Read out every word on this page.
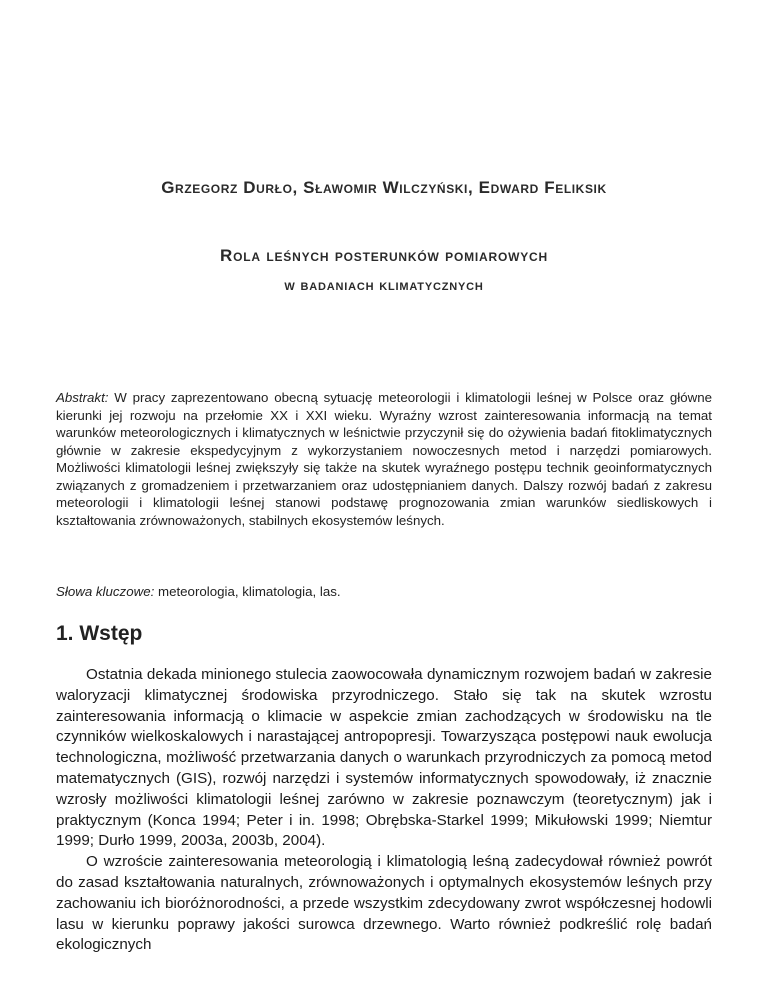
Grzegorz Durło, Sławomir Wilczyński, Edward Feliksik
Rola leśnych posterunków pomiarowych
w badaniach klimatycznych
Abstrakt: W pracy zaprezentowano obecną sytuację meteorologii i klimatologii leśnej w Polsce oraz główne kierunki jej rozwoju na przełomie XX i XXI wieku. Wyraźny wzrost zainteresowania informacją na temat warunków meteorologicznych i klimatycznych w leśnictwie przyczynił się do ożywienia badań fitoklimatycznych głównie w zakresie ekspedycyjnym z wykorzystaniem nowoczesnych metod i narzędzi pomiarowych. Możliwości klimatologii leśnej zwiększyły się także na skutek wyraźnego postępu technik geoinformatycznych związanych z gromadzeniem i przetwarzaniem oraz udostępnianiem danych. Dalszy rozwój badań z zakresu meteorologii i klimatologii leśnej stanowi podstawę prognozowania zmian warunków siedliskowych i kształtowania zrównoważonych, stabilnych ekosystemów leśnych.
Słowa kluczowe: meteorologia, klimatologia, las.
1. Wstęp

Ostatnia dekada minionego stulecia zaowocowała dynamicznym rozwojem badań w zakresie waloryzacji klimatycznej środowiska przyrodniczego. Stało się tak na skutek wzrostu zainteresowania informacją o klimacie w aspekcie zmian zachodzących w środowisku na tle czynników wielkoskalowych i narastającej antropopresji. Towarzysząca postępowi nauk ewolucja technologiczna, możliwość przetwarzania danych o warunkach przyrodniczych za pomocą metod matematycznych (GIS), rozwój narzędzi i systemów informatycznych spowodowały, iż znacznie wzrosły możliwości klimatologii leśnej zarówno w zakresie poznawczym (teoretycznym) jak i praktycznym (Konca 1994; Peter i in. 1998; Obrębska-Starkel 1999; Mikułowski 1999; Niemtur 1999; Durło 1999, 2003a, 2003b, 2004).

O wzroście zainteresowania meteorologią i klimatologią leśną zadecydował również powrót do zasad kształtowania naturalnych, zrównoważonych i optymalnych ekosystemów leśnych przy zachowaniu ich bioróżnorodności, a przede wszystkim zdecydowany zwrot współczesnej hodowli lasu w kierunku poprawy jakości surowca drzewnego. Warto również podkreślić rolę badań ekologicznych
